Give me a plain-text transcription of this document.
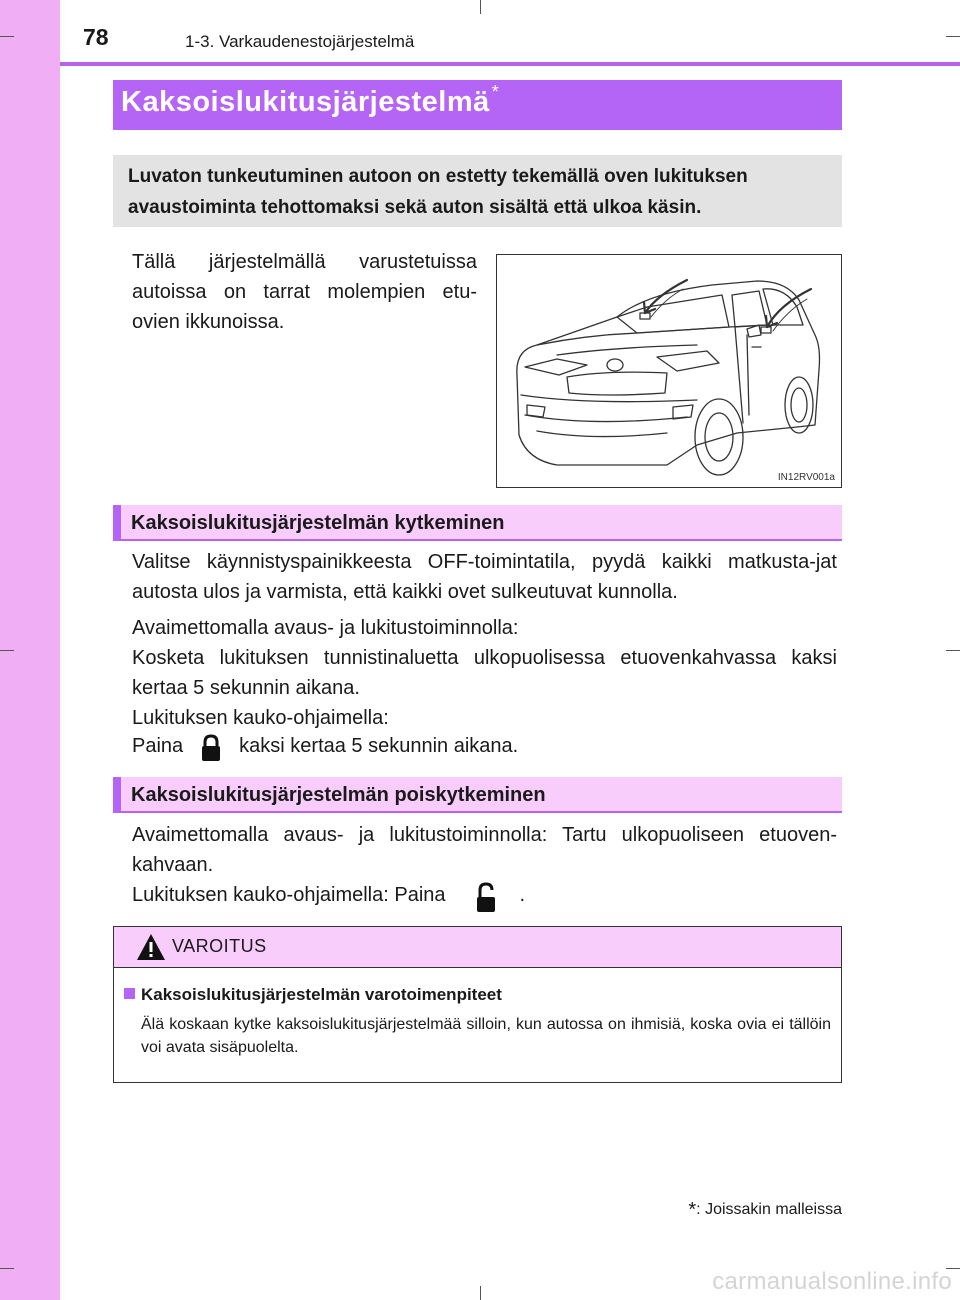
78	1-3. Varkaudenestojärjestelmä
Kaksoislukitusjärjestelmä *
Luvaton tunkeutuminen autoon on estetty tekemällä oven lukituksen avaustoiminta tehottomaksi sekä auton sisältä että ulkoa käsin.
Tällä järjestelmällä varustetuissa autoissa on tarrat molempien etu-ovien ikkunoissa.
IN12RV001a
Kaksoislukitusjärjestelmän kytkeminen
Valitse käynnistyspainikkeesta OFF-toimintatila, pyydä kaikki matkusta-jat autosta ulos ja varmista, että kaikki ovet sulkeutuvat kunnolla.
Avaimettomalla avaus- ja lukitustoiminnolla:
Kosketa lukituksen tunnistinaluetta ulkopuolisessa etuovenkahvassa kaksi kertaa 5 sekunnin aikana.
Lukituksen kauko-ohjaimella:
Paina	kaksi kertaa 5 sekunnin aikana.
Kaksoislukitusjärjestelmän poiskytkeminen
Avaimettomalla avaus- ja lukitustoiminnolla: Tartu ulkopuoliseen etuoven-kahvaan.
Lukituksen kauko-ohjaimella: Paina	.
VAROITUS
Kaksoislukitusjärjestelmän varotoimenpiteet
Älä koskaan kytke kaksoislukitusjärjestelmää silloin, kun autossa on ihmisiä, koska ovia ei tällöin voi avata sisäpuolelta.
*: Joissakin malleissa
carmanualsonline.info
